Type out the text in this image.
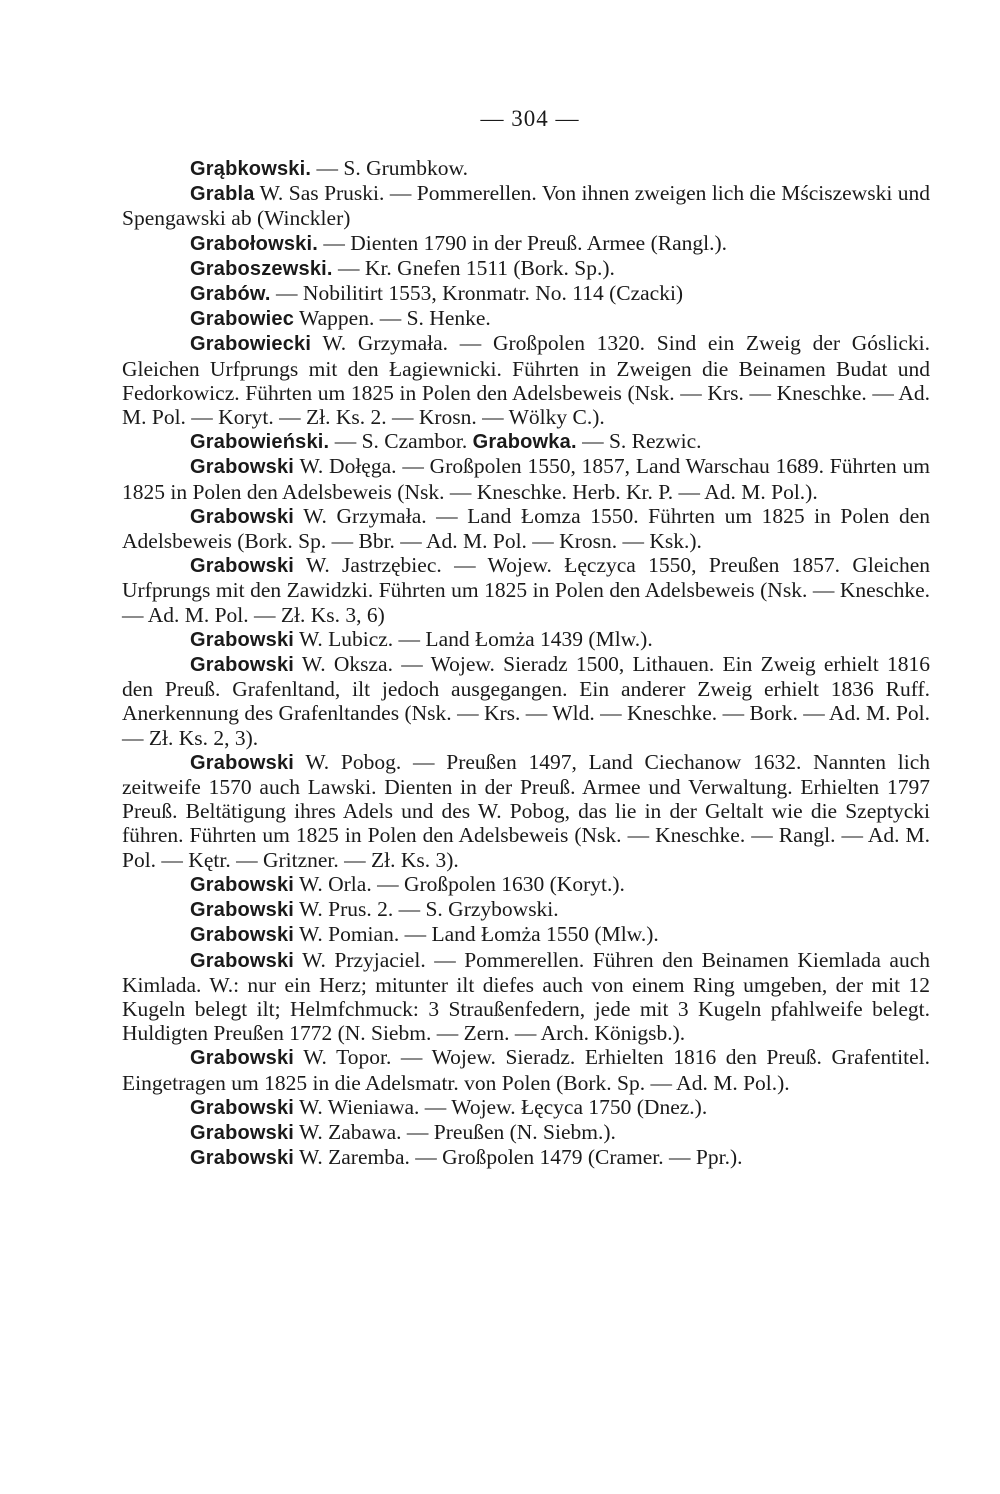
— 304 —

Grąbkowski. — S. Grumbkow.

Grabla W. Sas Pruski. — Pommerellen. Von ihnen zweigen lich die Mściszewski und Spengawski ab (Winckler)

Grabołowski. — Dienten 1790 in der Preuß. Armee (Rangl.).

Graboszewski. — Kr. Gnefen 1511 (Bork. Sp.).

Grabów. — Nobilitirt 1553, Kronmatr. No. 114 (Czacki)

Grabowiec Wappen. — S. Henke.

Grabowiecki W. Grzymała. — Großpolen 1320. Sind ein Zweig der Góslicki. Gleichen Urfprungs mit den Łagiewnicki. Führten in Zweigen die Beinamen Budat und Fedorkowicz. Führten um 1825 in Polen den Adelsbeweis (Nsk. — Krs. — Kneschke. — Ad. M. Pol. — Koryt. — Zł. Ks. 2. — Krosn. — Wölky C.).

Grabowieński. — S. Czambor. Grabowka. — S. Rezwic.

Grabowski W. Dołęga. — Großpolen 1550, 1857, Land Warschau 1689. Führten um 1825 in Polen den Adelsbeweis (Nsk. — Kneschke. Herb. Kr. P. — Ad. M. Pol.).

Grabowski W. Grzymała. — Land Łomza 1550. Führten um 1825 in Polen den Adelsbeweis (Bork. Sp. — Bbr. — Ad. M. Pol. — Krosn. — Ksk.).

Grabowski W. Jastrzębiec. — Wojew. Łęczyca 1550, Preußen 1857. Gleichen Urfprungs mit den Zawidzki. Führten um 1825 in Polen den Adelsbeweis (Nsk. — Kneschke. — Ad. M. Pol. — Zł. Ks. 3, 6)

Grabowski W. Lubicz. — Land Łomża 1439 (Mlw.).

Grabowski W. Oksza. — Wojew. Sieradz 1500, Lithauen. Ein Zweig erhielt 1816 den Preuß. Grafenltand, ilt jedoch ausgegangen. Ein anderer Zweig erhielt 1836 Ruff. Anerkennung des Grafenltandes (Nsk. — Krs. — Wld. — Kneschke. — Bork. — Ad. M. Pol. — Zł. Ks. 2, 3).

Grabowski W. Pobog. — Preußen 1497, Land Ciechanow 1632. Nannten lich zeitweife 1570 auch Lawski. Dienten in der Preuß. Armee und Verwaltung. Erhielten 1797 Preuß. Beltätigung ihres Adels und des W. Pobog, das lie in der Geltalt wie die Szeptycki führen. Führten um 1825 in Polen den Adelsbeweis (Nsk. — Kneschke. — Rangl. — Ad. M. Pol. — Kętr. — Gritzner. — Zł. Ks. 3).

Grabowski W. Orla. — Großpolen 1630 (Koryt.).

Grabowski W. Prus. 2. — S. Grzybowski.

Grabowski W. Pomian. — Land Łomża 1550 (Mlw.).

Grabowski W. Przyjaciel. — Pommerellen. Führen den Beinamen Kiemlada auch Kimlada. W.: nur ein Herz; mitunter ilt diefes auch von einem Ring umgeben, der mit 12 Kugeln belegt ilt; Helmfchmuck: 3 Straußenfedern, jede mit 3 Kugeln pfahlweife belegt. Huldigten Preußen 1772 (N. Siebm. — Zern. — Arch. Königsb.).

Grabowski W. Topor. — Wojew. Sieradz. Erhielten 1816 den Preuß. Grafentitel. Eingetragen um 1825 in die Adelsmatr. von Polen (Bork. Sp. — Ad. M. Pol.).

Grabowski W. Wieniawa. — Wojew. Łęcyca 1750 (Dnez.).

Grabowski W. Zabawa. — Preußen (N. Siebm.).

Grabowski W. Zaremba. — Großpolen 1479 (Cramer. — Ppr.).
